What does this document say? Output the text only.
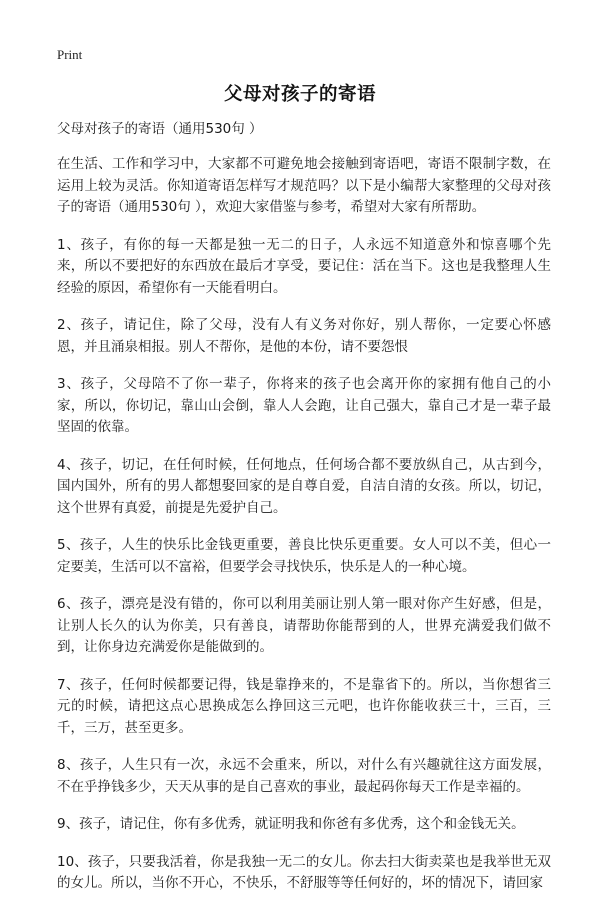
Print
父母对孩子的寄语
父母对孩子的寄语（通用530句 ）
在生活、工作和学习中，大家都不可避免地会接触到寄语吧，寄语不限制字数，在运用上较为灵活。你知道寄语怎样写才规范吗？以下是小编帮大家整理的父母对孩子的寄语（通用530句 ），欢迎大家借鉴与参考，希望对大家有所帮助。
1、孩子，有你的每一天都是独一无二的日子，人永远不知道意外和惊喜哪个先来，所以不要把好的东西放在最后才享受，要记住：活在当下。这也是我整理人生经验的原因，希望你有一天能看明白。
2、孩子，请记住，除了父母，没有人有义务对你好，别人帮你，一定要心怀感恩，并且涌泉相报。别人不帮你，是他的本份，请不要怨恨
3、孩子，父母陪不了你一辈子，你将来的孩子也会离开你的家拥有他自己的小家，所以，你切记，靠山山会倒，靠人人会跑，让自己强大，靠自己才是一辈子最坚固的依靠。
4、孩子，切记，在任何时候，任何地点，任何场合都不要放纵自己，从古到今，国内国外，所有的男人都想娶回家的是自尊自爱，自洁自清的女孩。所以，切记，这个世界有真爱，前提是先爱护自己。
5、孩子，人生的快乐比金钱更重要，善良比快乐更重要。女人可以不美，但心一定要美，生活可以不富裕，但要学会寻找快乐，快乐是人的一种心境。
6、孩子，漂亮是没有错的，你可以利用美丽让别人第一眼对你产生好感，但是，让别人长久的认为你美，只有善良，请帮助你能帮到的人，世界充满爱我们做不到，让你身边充满爱你是能做到的。
7、孩子，任何时候都要记得，钱是靠挣来的，不是靠省下的。所以，当你想省三元的时候，请把这点心思换成怎么挣回这三元吧，也许你能收获三十，三百，三千，三万，甚至更多。
8、孩子，人生只有一次，永远不会重来，所以，对什么有兴趣就往这方面发展，不在乎挣钱多少，天天从事的是自己喜欢的事业，最起码你每天工作是幸福的。
9、孩子，请记住，你有多优秀，就证明我和你爸有多优秀，这个和金钱无关。
10、孩子，只要我活着，你是我独一无二的女儿。你去扫大街卖菜也是我举世无双的女儿。所以，当你不开心，不快乐，不舒服等等任何好的，坏的情况下，请回家
